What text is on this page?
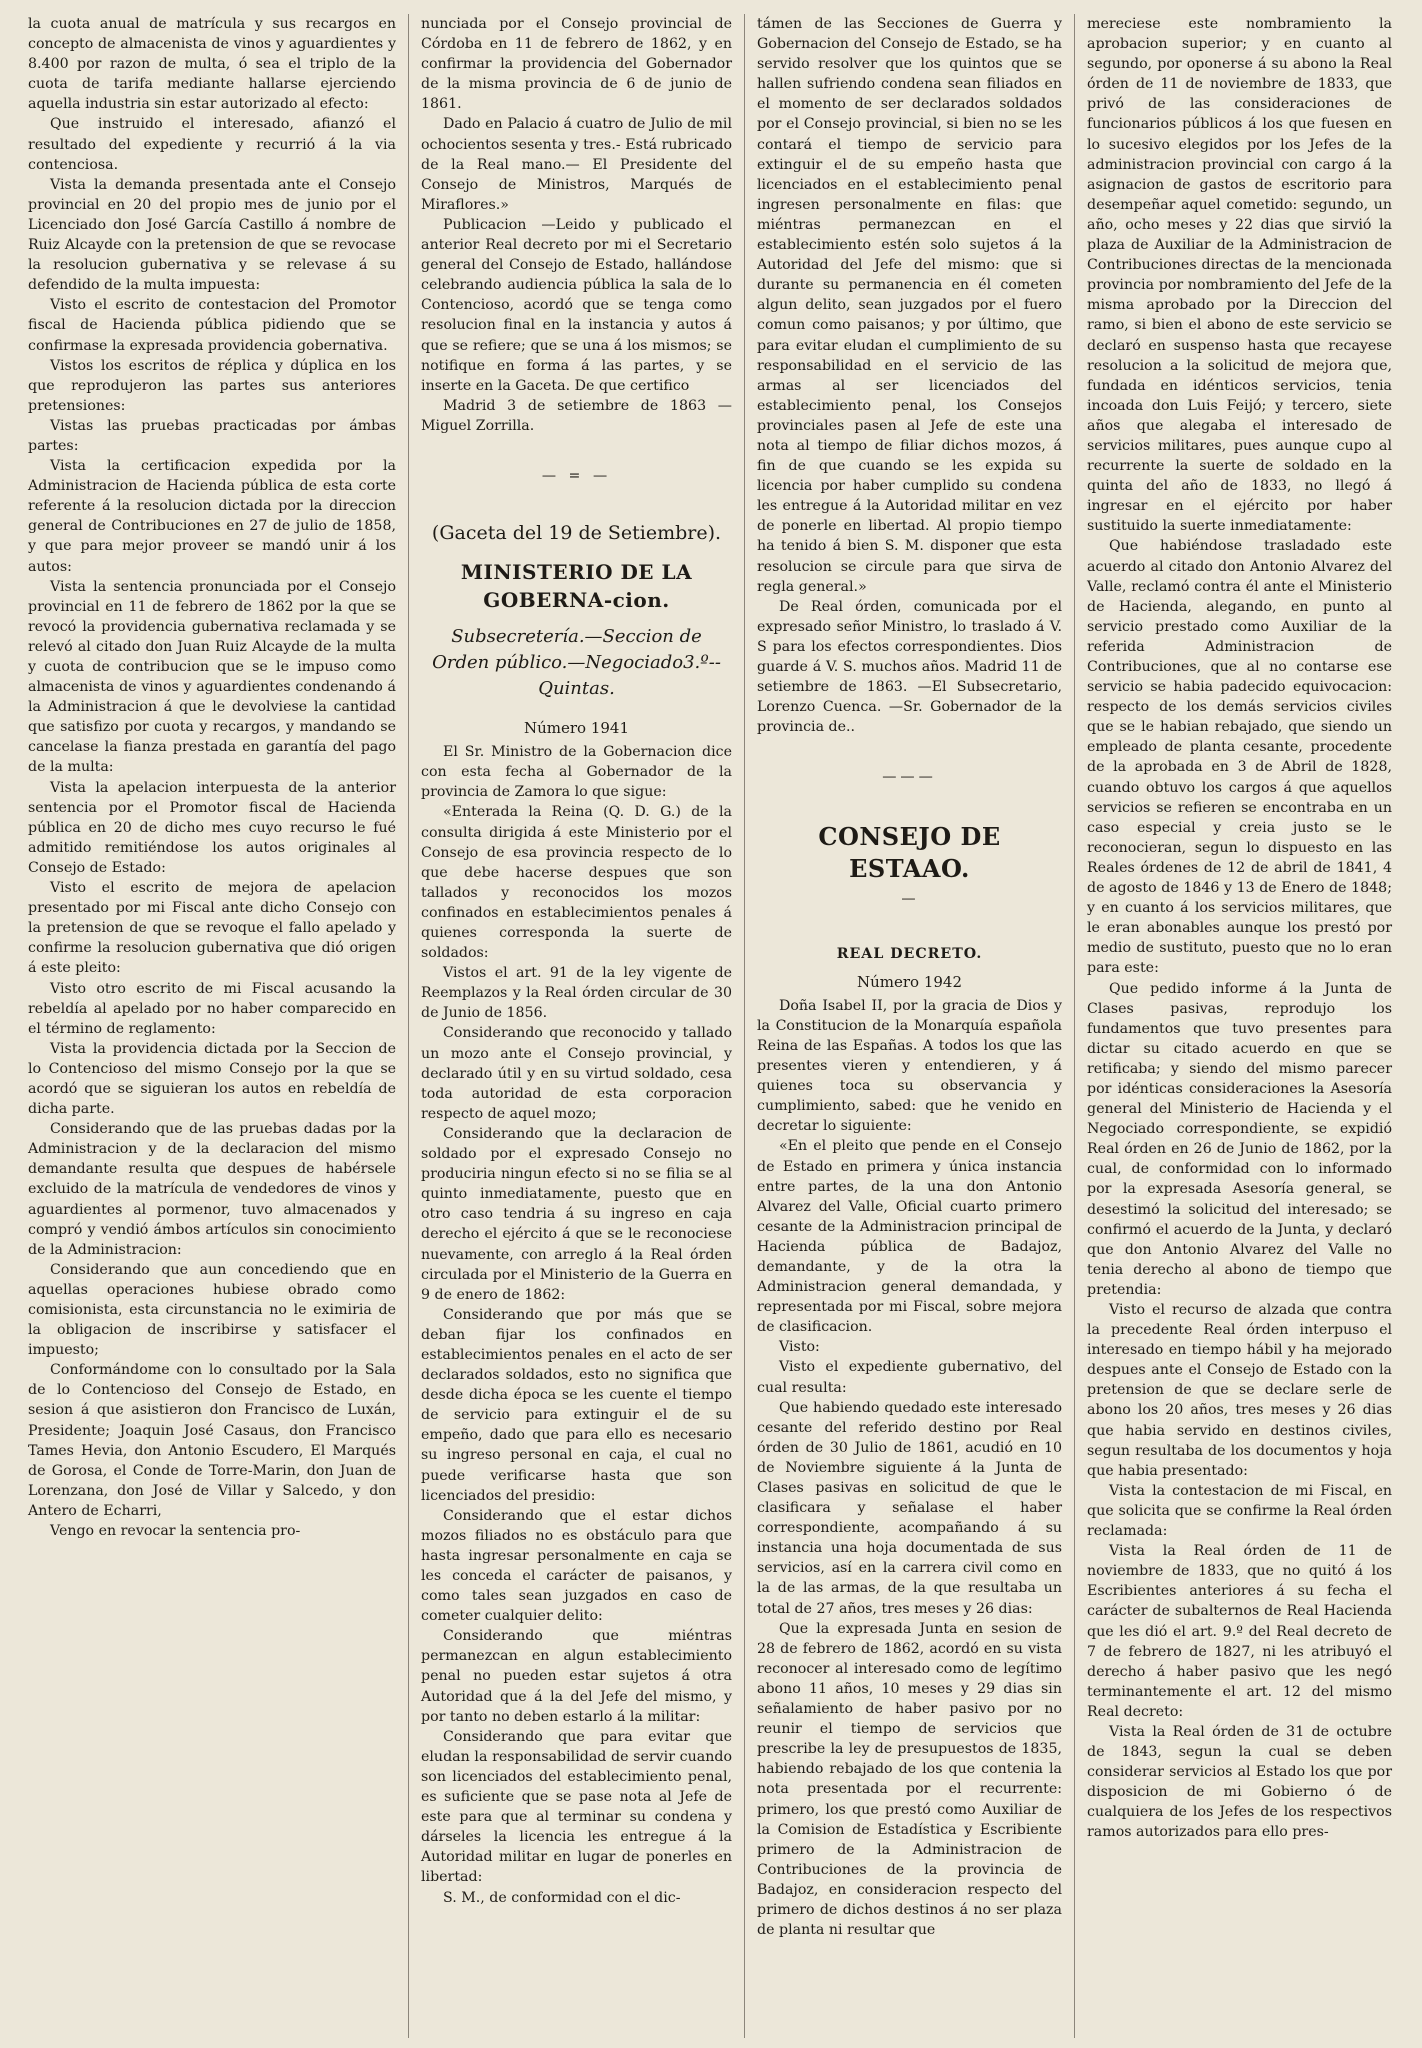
la cuota anual de matrícula y sus recargos en concepto de almacenista de vinos y aguardientes y 8.400 por razon de multa, ó sea el triplo de la cuota de tarifa mediante hallarse ejerciendo aquella industria sin estar autorizado al efecto:

Que instruido el interesado, afianzó el resultado del expediente y recurrió á la via contenciosa.

Vista la demanda presentada ante el Consejo provincial en 20 del propio mes de junio por el Licenciado don José García Castillo á nombre de Ruiz Alcayde con la pretension de que se revocase la resolucion gubernativa y se relevase á su defendido de la multa impuesta:

Visto el escrito de contestacion del Promotor fiscal de Hacienda pública pidiendo que se confirmase la expresada providencia gobernativa.

Vistos los escritos de réplica y dúplica en los que reprodujeron las partes sus anteriores pretensiones:

Vistas las pruebas practicadas por ámbas partes:

Vista la certificacion expedida por la Administracion de Hacienda pública de esta corte referente á la resolucion dictada por la direccion general de Contribuciones en 27 de julio de 1858, y que para mejor proveer se mandó unir á los autos:

Vista la sentencia pronunciada por el Consejo provincial en 11 de febrero de 1862 por la que se revocó la providencia gubernativa reclamada y se relevó al citado don Juan Ruiz Alcayde de la multa y cuota de contribucion que se le impuso como almacenista de vinos y aguardientes condenando á la Administracion á que le devolviese la cantidad que satisfizo por cuota y recargos, y mandando se cancelase la fianza prestada en garantía del pago de la multa:

Vista la apelacion interpuesta de la anterior sentencia por el Promotor fiscal de Hacienda pública en 20 de dicho mes cuyo recurso le fué admitido remitiéndose los autos originales al Consejo de Estado:

Visto el escrito de mejora de apelacion presentado por mi Fiscal ante dicho Consejo con la pretension de que se revoque el fallo apelado y confirme la resolucion gubernativa que dió origen á este pleito:

Visto otro escrito de mi Fiscal acusando la rebeldía al apelado por no haber comparecido en el término de reglamento:

Vista la providencia dictada por la Seccion de lo Contencioso del mismo Consejo por la que se acordó que se siguieran los autos en rebeldía de dicha parte.

Considerando que de las pruebas dadas por la Administracion y de la declaracion del mismo demandante resulta que despues de habérsele excluido de la matrícula de vendedores de vinos y aguardientes al pormenor, tuvo almacenados y compró y vendió ámbos artículos sin conocimiento de la Administracion:

Considerando que aun concediendo que en aquellas operaciones hubiese obrado como comisionista, esta circunstancia no le eximiria de la obligacion de inscribirse y satisfacer el impuesto;

Conformándome con lo consultado por la Sala de lo Contencioso del Consejo de Estado, en sesion á que asistieron don Francisco de Luxán, Presidente; Joaquin José Casaus, don Francisco Tames Hevia, don Antonio Escudero, El Marqués de Gorosa, el Conde de Torre-Marin, don Juan de Lorenzana, don José de Villar y Salcedo, y don Antero de Echarri,

Vengo en revocar la sentencia pro-

nunciada por el Consejo provincial de Córdoba en 11 de febrero de 1862, y en confirmar la providencia del Gobernador de la misma provincia de 6 de junio de 1861.

Dado en Palacio á cuatro de Julio de mil ochocientos sesenta y tres.- Está rubricado de la Real mano.— El Presidente del Consejo de Ministros, Marqués de Miraflores.»

Publicacion —Leido y publicado el anterior Real decreto por mi el Secretario general del Consejo de Estado, hallándose celebrando audiencia pública la sala de lo Contencioso, acordó que se tenga como resolucion final en la instancia y autos á que se refiere; que se una á los mismos; se notifique en forma á las partes, y se inserte en la Gaceta. De que certifico

Madrid 3 de setiembre de 1863 — Miguel Zorrilla.

— = —
(Gaceta del 19 de Setiembre).
MINISTERIO DE LA GOBERNA-cion.
Subsecretería.—Seccion de Orden público.—Negociado3.º--Quintas.
Número 1941

El Sr. Ministro de la Gobernacion dice con esta fecha al Gobernador de la provincia de Zamora lo que sigue:

«Enterada la Reina (Q. D. G.) de la consulta dirigida á este Ministerio por el Consejo de esa provincia respecto de lo que debe hacerse despues que son tallados y reconocidos los mozos confinados en establecimientos penales á quienes corresponda la suerte de soldados:

Vistos el art. 91 de la ley vigente de Reemplazos y la Real órden circular de 30 de Junio de 1856.

Considerando que reconocido y tallado un mozo ante el Consejo provincial, y declarado útil y en su virtud soldado, cesa toda autoridad de esta corporacion respecto de aquel mozo;

Considerando que la declaracion de soldado por el expresado Consejo no produciria ningun efecto si no se filia se al quinto inmediatamente, puesto que en otro caso tendria á su ingreso en caja derecho el ejército á que se le reconociese nuevamente, con arreglo á la Real órden circulada por el Ministerio de la Guerra en 9 de enero de 1862:

Considerando que por más que se deban fijar los confinados en establecimientos penales en el acto de ser declarados soldados, esto no significa que desde dicha época se les cuente el tiempo de servicio para extinguir el de su empeño, dado que para ello es necesario su ingreso personal en caja, el cual no puede verificarse hasta que son licenciados del presidio:

Considerando que el estar dichos mozos filiados no es obstáculo para que hasta ingresar personalmente en caja se les conceda el carácter de paisanos, y como tales sean juzgados en caso de cometer cualquier delito:

Considerando que miéntras permanezcan en algun establecimiento penal no pueden estar sujetos á otra Autoridad que á la del Jefe del mismo, y por tanto no deben estarlo á la militar:

Considerando que para evitar que eludan la responsabilidad de servir cuando son licenciados del establecimiento penal, es suficiente que se pase nota al Jefe de este para que al terminar su condena y dárseles la licencia les entregue á la Autoridad militar en lugar de ponerles en libertad:

S. M., de conformidad con el dic-

támen de las Secciones de Guerra y Gobernacion del Consejo de Estado, se ha servido resolver que los quintos que se hallen sufriendo condena sean filiados en el momento de ser declarados soldados por el Consejo provincial, si bien no se les contará el tiempo de servicio para extinguir el de su empeño hasta que licenciados en el establecimiento penal ingresen personalmente en filas: que miéntras permanezcan en el establecimiento estén solo sujetos á la Autoridad del Jefe del mismo: que si durante su permanencia en él cometen algun delito, sean juzgados por el fuero comun como paisanos; y por último, que para evitar eludan el cumplimiento de su responsabilidad en el servicio de las armas al ser licenciados del establecimiento penal, los Consejos provinciales pasen al Jefe de este una nota al tiempo de filiar dichos mozos, á fin de que cuando se les expida su licencia por haber cumplido su condena les entregue á la Autoridad militar en vez de ponerle en libertad. Al propio tiempo ha tenido á bien S. M. disponer que esta resolucion se circule para que sirva de regla general.»

De Real órden, comunicada por el expresado señor Ministro, lo traslado á V. S para los efectos correspondientes. Dios guarde á V. S. muchos años. Madrid 11 de setiembre de 1863. —El Subsecretario, Lorenzo Cuenca. —Sr. Gobernador de la provincia de..

———
CONSEJO DE ESTAAO.
—
REAL DECRETO.
Número 1942

Doña Isabel II, por la gracia de Dios y la Constitucion de la Monarquía española Reina de las Españas. A todos los que las presentes vieren y entendieren, y á quienes toca su observancia y cumplimiento, sabed: que he venido en decretar lo siguiente:

«En el pleito que pende en el Consejo de Estado en primera y única instancia entre partes, de la una don Antonio Alvarez del Valle, Oficial cuarto primero cesante de la Administracion principal de Hacienda pública de Badajoz, demandante, y de la otra la Administracion general demandada, y representada por mi Fiscal, sobre mejora de clasificacion.

Visto:

Visto el expediente gubernativo, del cual resulta:

Que habiendo quedado este interesado cesante del referido destino por Real órden de 30 Julio de 1861, acudió en 10 de Noviembre siguiente á la Junta de Clases pasivas en solicitud de que le clasificara y señalase el haber correspondiente, acompañando á su instancia una hoja documentada de sus servicios, así en la carrera civil como en la de las armas, de la que resultaba un total de 27 años, tres meses y 26 dias:

Que la expresada Junta en sesion de 28 de febrero de 1862, acordó en su vista reconocer al interesado como de legítimo abono 11 años, 10 meses y 29 dias sin señalamiento de haber pasivo por no reunir el tiempo de servicios que prescribe la ley de presupuestos de 1835, habiendo rebajado de los que contenia la nota presentada por el recurrente: primero, los que prestó como Auxiliar de la Comision de Estadística y Escribiente primero de la Administracion de Contribuciones de la provincia de Badajoz, en consideracion respecto del primero de dichos destinos á no ser plaza de planta ni resultar que

mereciese este nombramiento la aprobacion superior; y en cuanto al segundo, por oponerse á su abono la Real órden de 11 de noviembre de 1833, que privó de las consideraciones de funcionarios públicos á los que fuesen en lo sucesivo elegidos por los Jefes de la administracion provincial con cargo á la asignacion de gastos de escritorio para desempeñar aquel cometido: segundo, un año, ocho meses y 22 dias que sirvió la plaza de Auxiliar de la Administracion de Contribuciones directas de la mencionada provincia por nombramiento del Jefe de la misma aprobado por la Direccion del ramo, si bien el abono de este servicio se declaró en suspenso hasta que recayese resolucion a la solicitud de mejora que, fundada en idénticos servicios, tenia incoada don Luis Feijó; y tercero, siete años que alegaba el interesado de servicios militares, pues aunque cupo al recurrente la suerte de soldado en la quinta del año de 1833, no llegó á ingresar en el ejército por haber sustituido la suerte inmediatamente:

Que habiéndose trasladado este acuerdo al citado don Antonio Alvarez del Valle, reclamó contra él ante el Ministerio de Hacienda, alegando, en punto al servicio prestado como Auxiliar de la referida Administracion de Contribuciones, que al no contarse ese servicio se habia padecido equivocacion: respecto de los demás servicios civiles que se le habian rebajado, que siendo un empleado de planta cesante, procedente de la aprobada en 3 de Abril de 1828, cuando obtuvo los cargos á que aquellos servicios se refieren se encontraba en un caso especial y creia justo se le reconocieran, segun lo dispuesto en las Reales órdenes de 12 de abril de 1841, 4 de agosto de 1846 y 13 de Enero de 1848; y en cuanto á los servicios militares, que le eran abonables aunque los prestó por medio de sustituto, puesto que no lo eran para este:

Que pedido informe á la Junta de Clases pasivas, reprodujo los fundamentos que tuvo presentes para dictar su citado acuerdo en que se retificaba; y siendo del mismo parecer por idénticas consideraciones la Asesoría general del Ministerio de Hacienda y el Negociado correspondiente, se expidió Real órden en 26 de Junio de 1862, por la cual, de conformidad con lo informado por la expresada Asesoría general, se desestimó la solicitud del interesado; se confirmó el acuerdo de la Junta, y declaró que don Antonio Alvarez del Valle no tenia derecho al abono de tiempo que pretendia:

Visto el recurso de alzada que contra la precedente Real órden interpuso el interesado en tiempo hábil y ha mejorado despues ante el Consejo de Estado con la pretension de que se declare serle de abono los 20 años, tres meses y 26 dias que habia servido en destinos civiles, segun resultaba de los documentos y hoja que habia presentado:

Vista la contestacion de mi Fiscal, en que solicita que se confirme la Real órden reclamada:

Vista la Real órden de 11 de noviembre de 1833, que no quitó á los Escribientes anteriores á su fecha el carácter de subalternos de Real Hacienda que les dió el art. 9.º del Real decreto de 7 de febrero de 1827, ni les atribuyó el derecho á haber pasivo que les negó terminantemente el art. 12 del mismo Real decreto:

Vista la Real órden de 31 de octubre de 1843, segun la cual se deben considerar servicios al Estado los que por disposicion de mi Gobierno ó de cualquiera de los Jefes de los respectivos ramos autorizados para ello pres-
